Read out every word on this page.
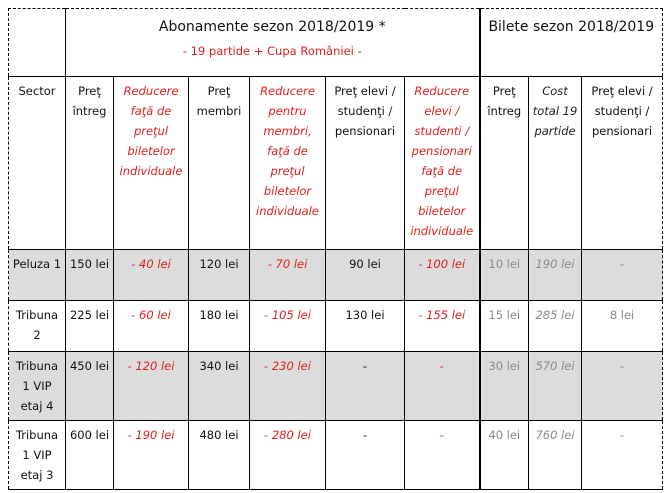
	Abonamente sezon 2018/2019 *
- 19 partide + Cupa României -						Bilete sezon 2018/2019		

Sector	Preţ întreg	Reducere faţă de preţul biletelor individuale	Preţ membri	Reducere pentru membri, faţă de preţul biletelor individuale	Preţ elevi / studenţi / pensionari	Reducere elevi / studenti / pensionari faţă de preţul biletelor individuale	Preţ întreg	Cost total 19 partide	Preţ elevi / studenţi / pensionari
Peluza 1	150 lei	- 40 lei	120 lei	- 70 lei	90 lei	- 100 lei	10 lei	190 lei	-
Tribuna 2	225 lei	- 60 lei	180 lei	- 105 lei	130 lei	- 155 lei	15 lei	285 lei	8 lei
Tribuna 1 VIP etaj 4	450 lei	- 120 lei	340 lei	- 230 lei	-	-	30 lei	570 lei	-
Tribuna 1 VIP etaj 3	600 lei	- 190 lei	480 lei	- 280 lei	-	-	40 lei	760 lei	-
